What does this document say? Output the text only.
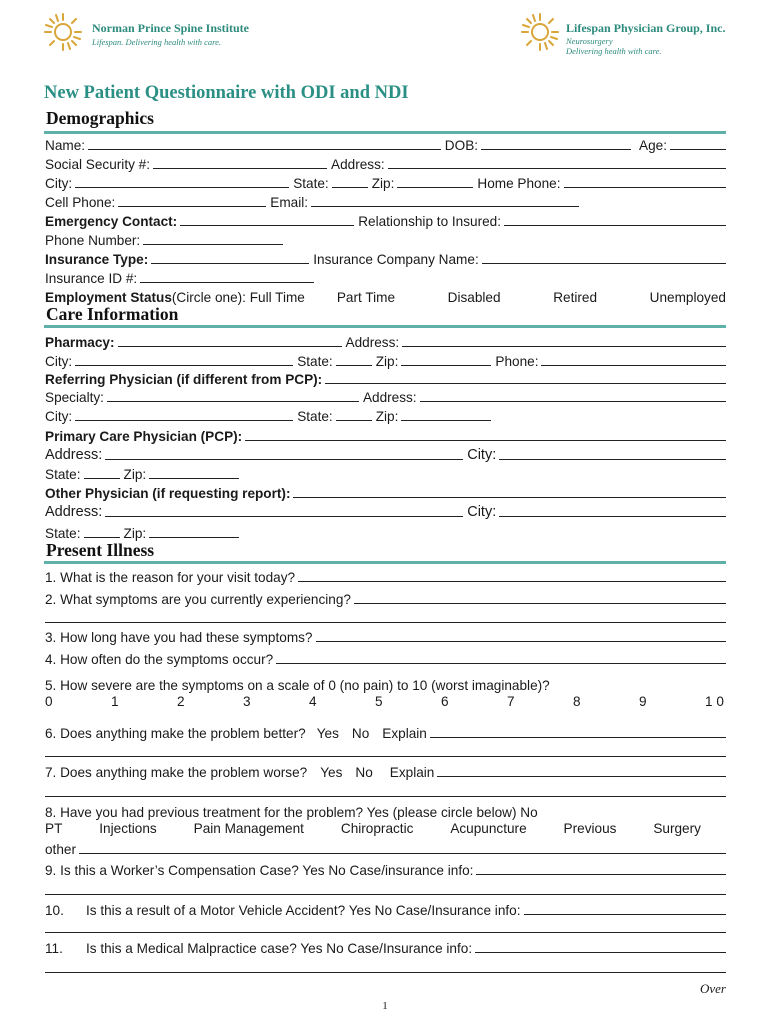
Norman Prince Spine Institute
Lifespan. Delivering health with care.
Lifespan Physician Group, Inc.
Neurosurgery
Delivering health with care.
New Patient Questionnaire with ODI and NDI
Demographics
Name:	DOB:	Age:
Social Security #:	Address:
City:	State:	Zip:	Home Phone:
Cell Phone:	Email:
Emergency Contact:	Relationship to Insured:
Phone Number:
Insurance Type:	Insurance Company Name:
Insurance ID #:
Employment Status (Circle one): Full Time Part Time	Disabled	Retired	Unemployed
Care Information
Pharmacy:	Address:
City:	State:	Zip:	Phone:
Referring Physician (if different from PCP):
Specialty:	Address:
City:	State:	Zip:
Primary Care Physician (PCP):
Address:	City:
State:	Zip:
Other Physician (if requesting report):
Address:	City:
State:	Zip:
Present Illness
1. What is the reason for your visit today?
2. What symptoms are you currently experiencing?
3. How long have you had these symptoms?
4. How often do the symptoms occur?
5. How severe are the symptoms on a scale of 0 (no pain) to 10 (worst imaginable)?
0	1	2	3	4	5	6	7	8	9	1 0
6. Does anything make the problem better? Yes No Explain
7. Does anything make the problem worse? Yes No	Explain
8. Have you had previous treatment for the problem? Yes (please circle below) No
PT	Injections	Pain Management	Chiropractic	Acupuncture	Previous	Surgery
other
9. Is this a Worker’s Compensation Case? Yes No Case/insurance info:
10.	Is this a result of a Motor Vehicle Accident? Yes No Case/Insurance info:
11.	Is this a Medical Malpractice case? Yes No Case/Insurance info:
Over
1
